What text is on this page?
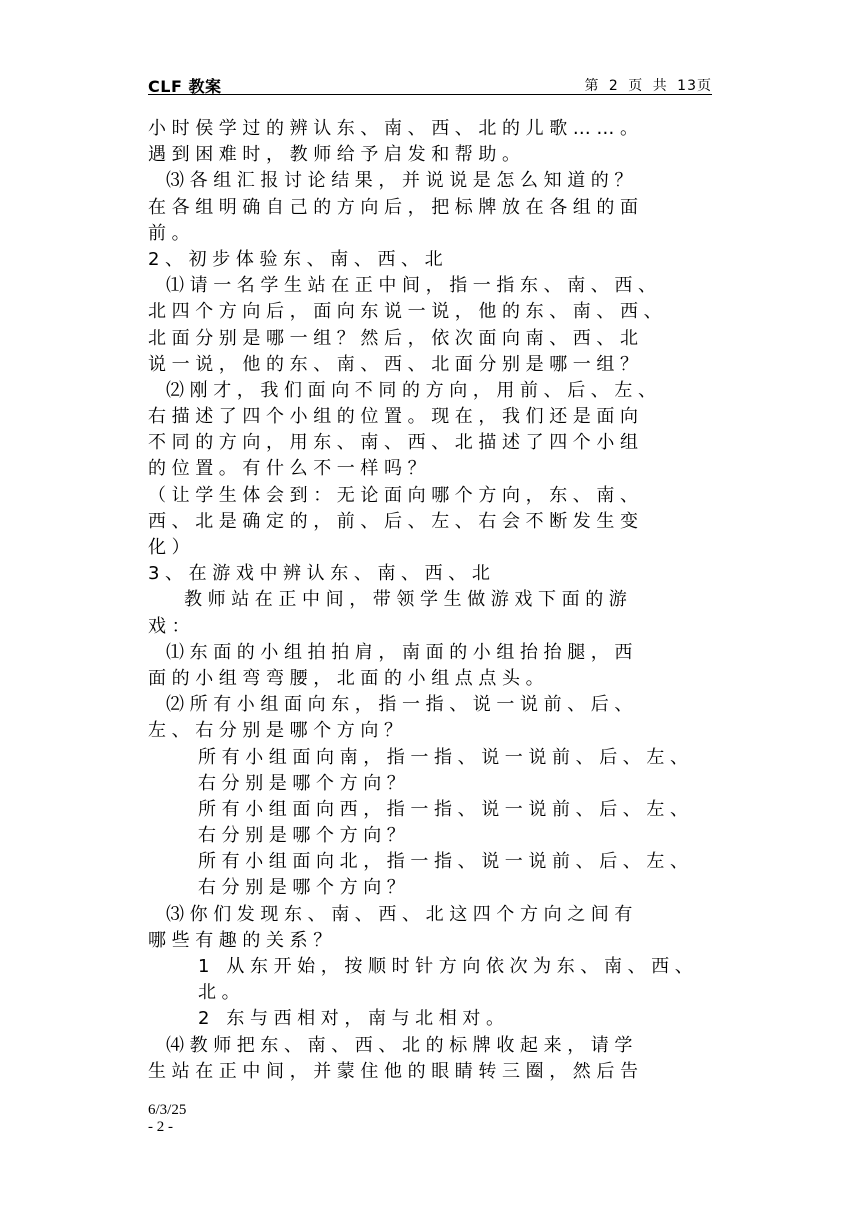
CLF 教案	第 2 页 共 13页
小时侯学过的辨认东、南、西、北的儿歌……。
遇到困难时，教师给予启发和帮助。
⑶各组汇报讨论结果，并说说是怎么知道的？
在各组明确自己的方向后，把标牌放在各组的面
前。
2、初步体验东、南、西、北
⑴请一名学生站在正中间，指一指东、南、西、
北四个方向后，面向东说一说，他的东、南、西、
北面分别是哪一组？然后，依次面向南、西、北
说一说，他的东、南、西、北面分别是哪一组？
⑵刚才，我们面向不同的方向，用前、后、左、
右描述了四个小组的位置。现在，我们还是面向
不同的方向，用东、南、西、北描述了四个小组
的位置。有什么不一样吗？
（让学生体会到：无论面向哪个方向，东、南、
西、北是确定的，前、后、左、右会不断发生变
化）
3、在游戏中辨认东、南、西、北
教师站在正中间，带领学生做游戏下面的游
戏：
⑴东面的小组拍拍肩，南面的小组抬抬腿，西
面的小组弯弯腰，北面的小组点点头。
⑵所有小组面向东，指一指、说一说前、后、
左、右分别是哪个方向？
所有小组面向南，指一指、说一说前、后、左、
右分别是哪个方向？
所有小组面向西，指一指、说一说前、后、左、
右分别是哪个方向？
所有小组面向北，指一指、说一说前、后、左、
右分别是哪个方向？
⑶你们发现东、南、西、北这四个方向之间有
哪些有趣的关系？
1 从东开始，按顺时针方向依次为东、南、西、
北。
2 东与西相对，南与北相对。
⑷教师把东、南、西、北的标牌收起来，请学
生站在正中间，并蒙住他的眼睛转三圈，然后告
6/3/25
- 2 -
